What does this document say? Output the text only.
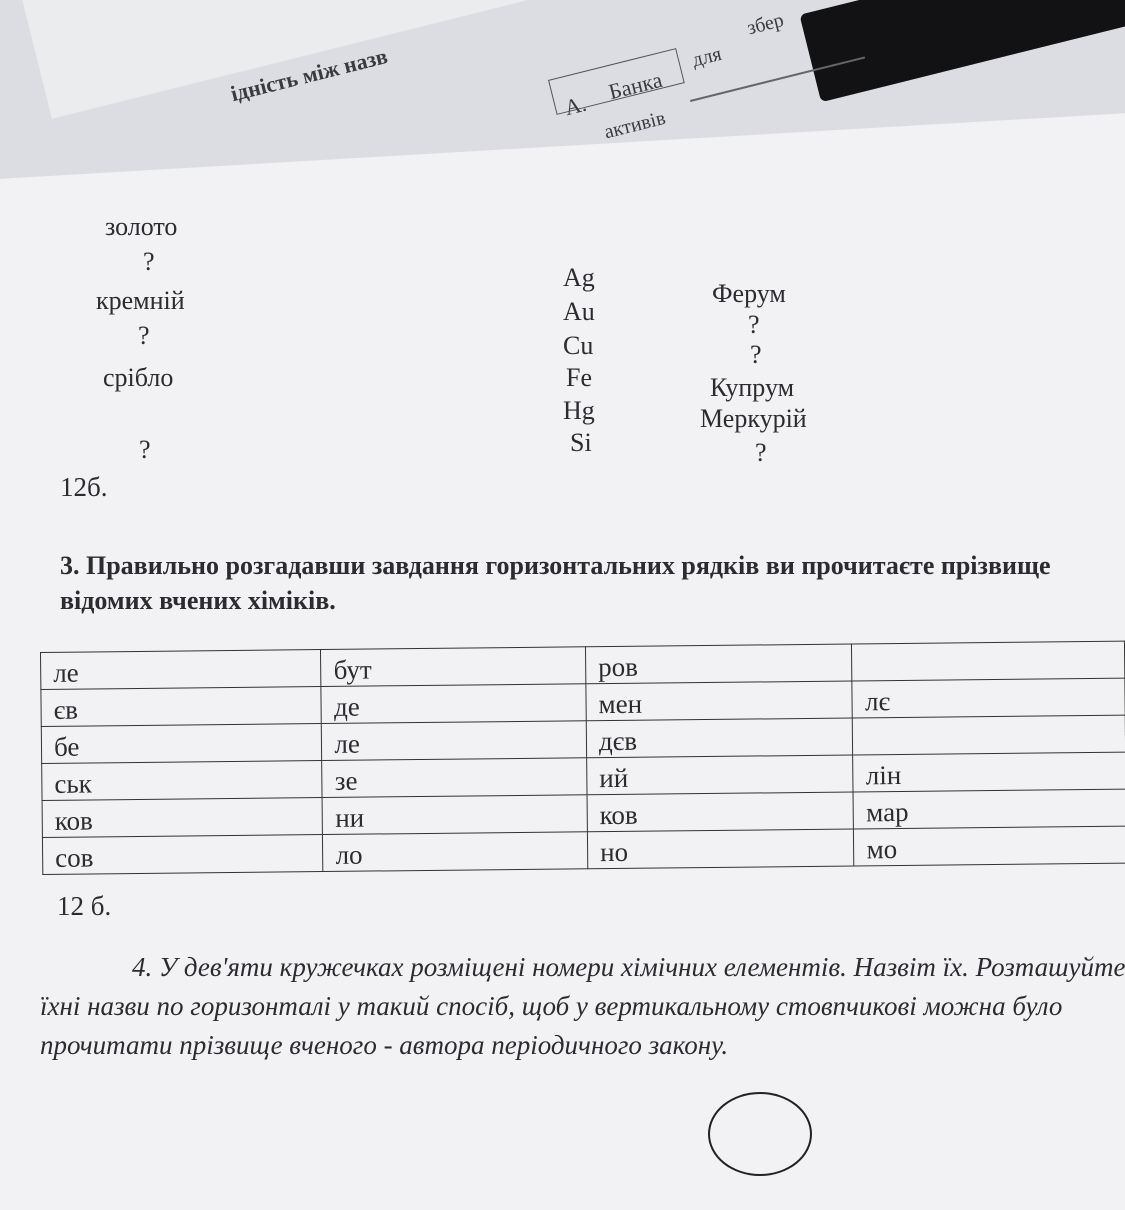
ідність між назв	А.
Банка
для
збер
активів
золото
?
кремній
?
срібло
?
Ag
Au
Cu
Fe
Hg
Si
Ферум
?
?
Купрум
Меркурій
?
12б.
3. Правильно розгадавши завдання горизонтальних рядків ви прочитаєте прізвище відомих вчених хіміків.
ле	бут	ров	
єв	де	мен	лє
бе	ле	дєв	
ськ	зе	ий	лін
ков	ни	ков	мар
сов	ло	но	мо
12 б.
4. У дев'яти кружечках розміщені номери хімічних елементів. Назвіт їх. Розташуйте їхні назви по горизонталі у такий спосіб, щоб у вертикальному стовпчикові можна було прочитати прізвище вченого - автора періодичного закону.
